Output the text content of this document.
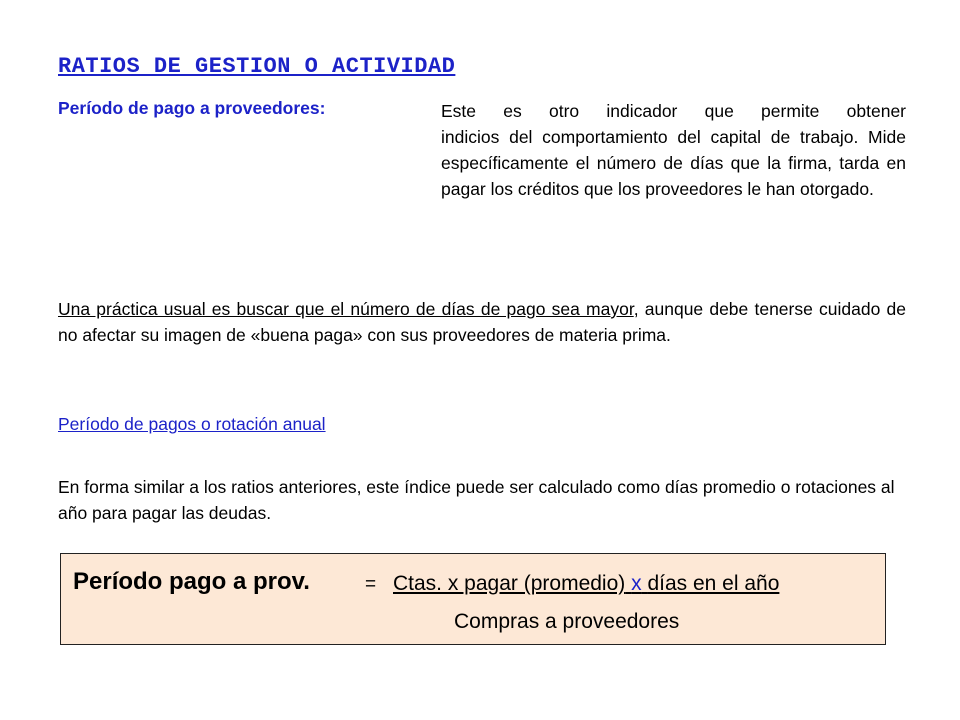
RATIOS DE GESTION O ACTIVIDAD
Período de pago a proveedores:	Este es otro indicador que permite obtener
indicios del comportamiento del capital de trabajo. Mide específicamente el número de días que la firma, tarda en pagar los créditos que los proveedores le han otorgado.

Una práctica usual es buscar que el número de días de pago sea mayor, aunque debe tenerse cuidado de no afectar su imagen de «buena paga» con sus proveedores de materia prima.

Período de pagos o rotación anual

En forma similar a los ratios anteriores, este índice puede ser calculado como días promedio o rotaciones al año para pagar las deudas.

Período pago a prov.	= Ctas. x pagar (promedio) x días en el año
Compras a proveedores
